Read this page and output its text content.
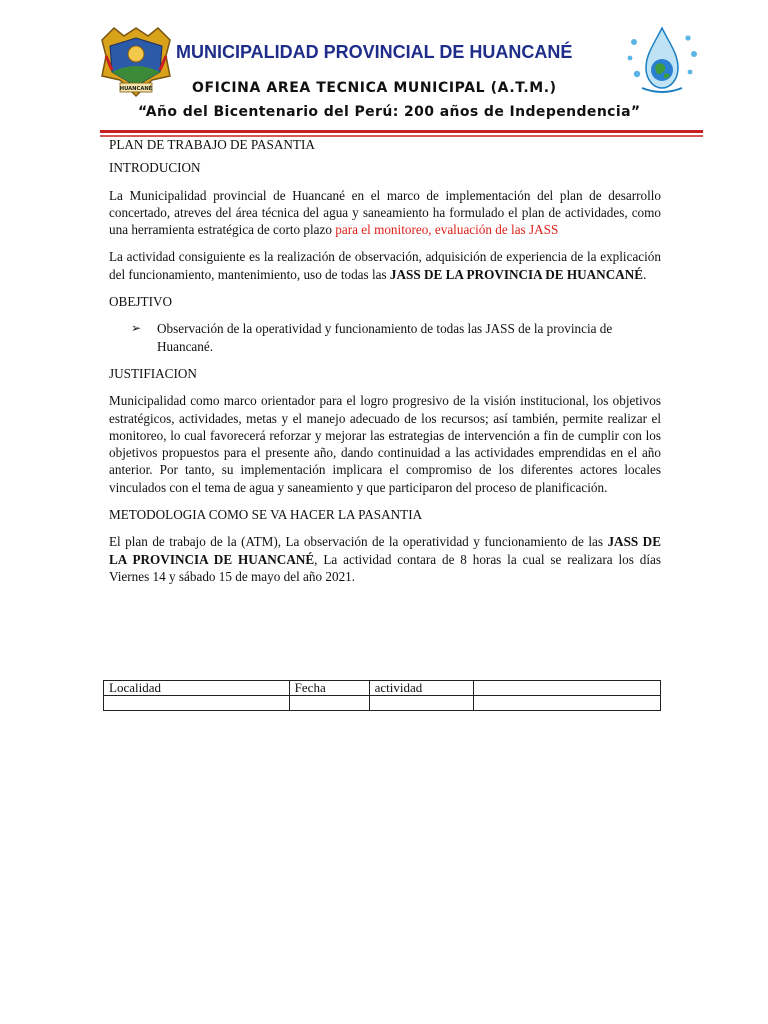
HUANCANÉ
MUNICIPALIDAD PROVINCIAL DE HUANCANÉ
OFICINA AREA TECNICA MUNICIPAL (A.T.M.)
“Año del Bicentenario del Perú: 200 años de Independencia”

PLAN DE TRABAJO DE PASANTIA

INTRODUCION

La Municipalidad provincial de Huancané en el marco de implementación del plan de desarrollo concertado, atreves del área técnica del agua y saneamiento ha formulado el plan de actividades, como una herramienta estratégica de corto plazo para el monitoreo, evaluación de las JASS

La actividad consiguiente es la realización de observación, adquisición de experiencia de la explicación del funcionamiento, mantenimiento, uso de todas las JASS DE LA PROVINCIA DE HUANCANÉ.

OBEJTIVO

➢	Observación de la operatividad y funcionamiento de todas las JASS de la provincia de Huancané.

JUSTIFIACION

Municipalidad como marco orientador para el logro progresivo de la visión institucional, los objetivos estratégicos, actividades, metas y el manejo adecuado de los recursos; así también, permite realizar el monitoreo, lo cual favorecerá reforzar y mejorar las estrategias de intervención a fin de cumplir con los objetivos propuestos para el presente año, dando continuidad a las actividades emprendidas en el año anterior. Por tanto, su implementación implicara el compromiso de los diferentes actores locales vinculados con el tema de agua y saneamiento y que participaron del proceso de planificación.

METODOLOGIA COMO SE VA HACER LA PASANTIA

El plan de trabajo de la (ATM), La observación de la operatividad y funcionamiento de las JASS DE LA PROVINCIA DE HUANCANÉ, La actividad contara de 8 horas la cual se realizara los días Viernes 14 y sábado 15 de mayo del año 2021.

Localidad	Fecha	actividad	
